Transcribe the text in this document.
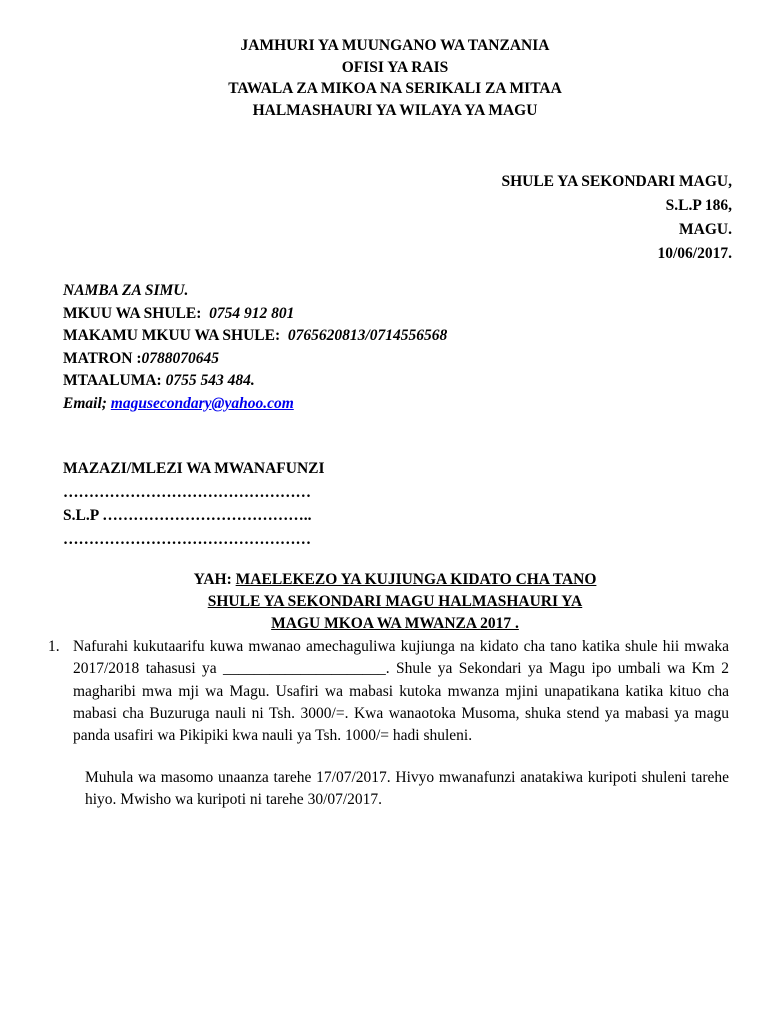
JAMHURI YA MUUNGANO WA TANZANIA
OFISI YA RAIS
TAWALA ZA MIKOA NA SERIKALI ZA MITAA
HALMASHAURI YA WILAYA YA MAGU
SHULE YA SEKONDARI MAGU,
S.L.P 186,
MAGU.
10/06/2017.
NAMBA ZA SIMU.
MKUU WA SHULE: 0754 912 801
MAKAMU MKUU WA SHULE: 0765620813/0714556568
MATRON :0788070645
MTAALUMA: 0755 543 484.
Email; magusecondary@yahoo.com
MAZAZI/MLEZI WA MWANAFUNZI
…………………………………………
S.L.P …………………………………..
…………………………………………
YAH: MAELEKEZO YA KUJIUNGA KIDATO CHA TANO
SHULE YA SEKONDARI MAGU HALMASHAURI YA
MAGU MKOA WA MWANZA 2017 .
1. Nafurahi kukutaarifu kuwa mwanao amechaguliwa kujiunga na kidato cha tano katika shule hii mwaka 2017/2018 tahasusi ya _____________________. Shule ya Sekondari ya Magu ipo umbali wa Km 2 magharibi mwa mji wa Magu. Usafiri wa mabasi kutoka mwanza mjini unapatikana katika kituo cha mabasi cha Buzuruga nauli ni Tsh. 3000/=. Kwa wanaotoka Musoma, shuka stend ya mabasi ya magu panda usafiri wa Pikipiki kwa nauli ya Tsh. 1000/= hadi shuleni.
Muhula wa masomo unaanza tarehe 17/07/2017. Hivyo mwanafunzi anatakiwa kuripoti shuleni tarehe hiyo. Mwisho wa kuripoti ni tarehe 30/07/2017.
